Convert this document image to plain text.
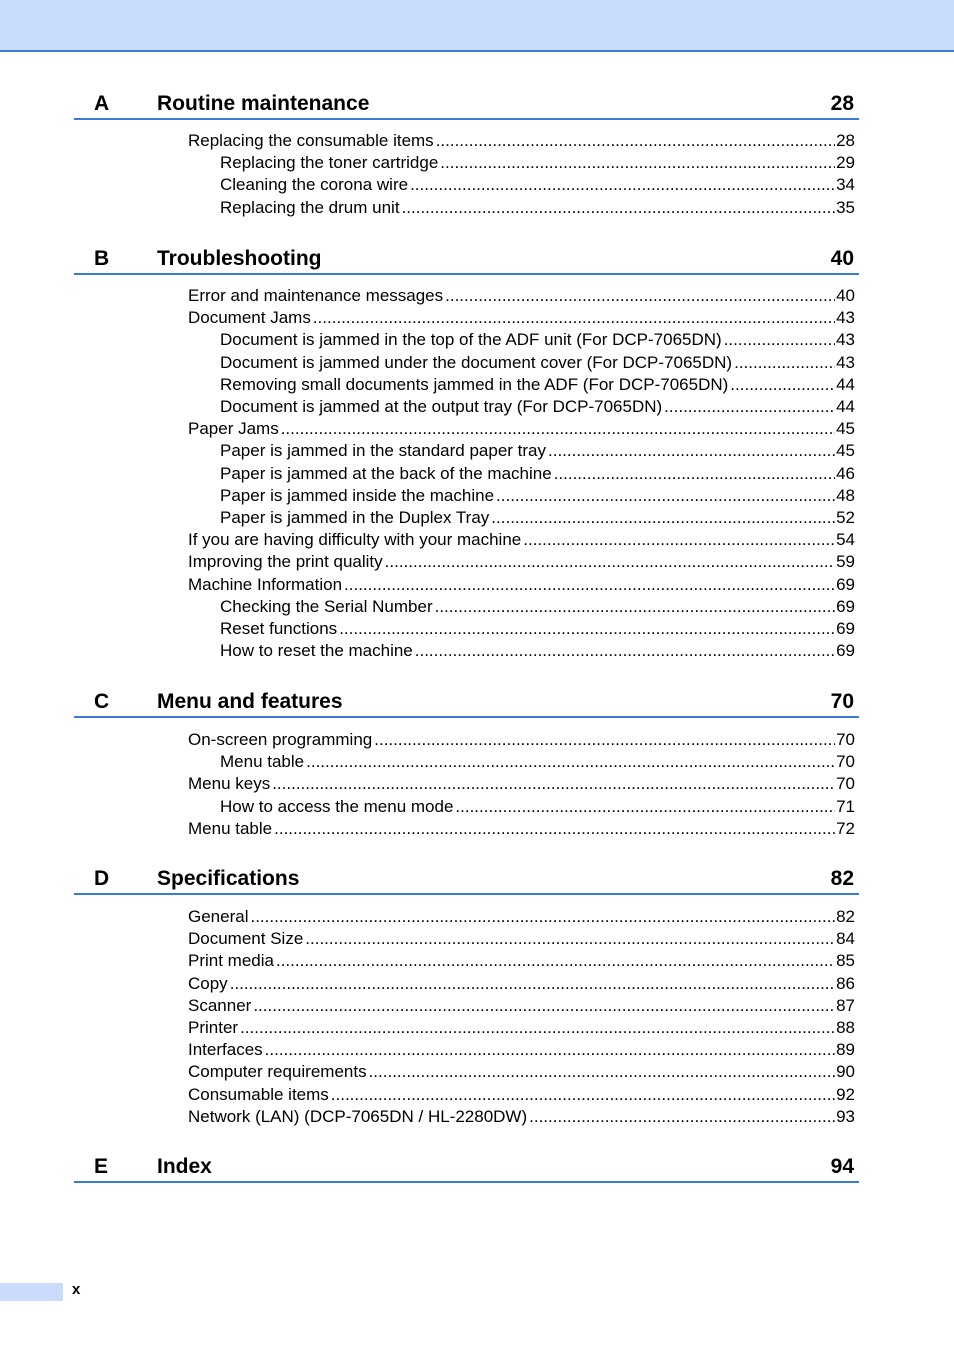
A Routine maintenance	28
Replacing the consumable items .....	28
Replacing the toner cartridge .....	29
Cleaning the corona wire .....	34
Replacing the drum unit .....	35
B Troubleshooting	40
Error and maintenance messages .....	40
Document Jams .....	43
Document is jammed in the top of the ADF unit (For DCP-7065DN) .....	43
Document is jammed under the document cover (For DCP-7065DN) .....	43
Removing small documents jammed in the ADF (For DCP-7065DN) .....	44
Document is jammed at the output tray (For DCP-7065DN) .....	44
Paper Jams .....	45
Paper is jammed in the standard paper tray .....	45
Paper is jammed at the back of the machine .....	46
Paper is jammed inside the machine .....	48
Paper is jammed in the Duplex Tray .....	52
If you are having difficulty with your machine .....	54
Improving the print quality .....	59
Machine Information .....	69
Checking the Serial Number .....	69
Reset functions .....	69
How to reset the machine .....	69
C Menu and features	70
On-screen programming .....	70
Menu table .....	70
Menu keys .....	70
How to access the menu mode .....	71
Menu table .....	72
D Specifications	82
General .....	82
Document Size .....	84
Print media .....	85
Copy .....	86
Scanner .....	87
Printer .....	88
Interfaces .....	89
Computer requirements .....	90
Consumable items .....	92
Network (LAN) (DCP-7065DN / HL-2280DW) .....	93
E Index	94
x
